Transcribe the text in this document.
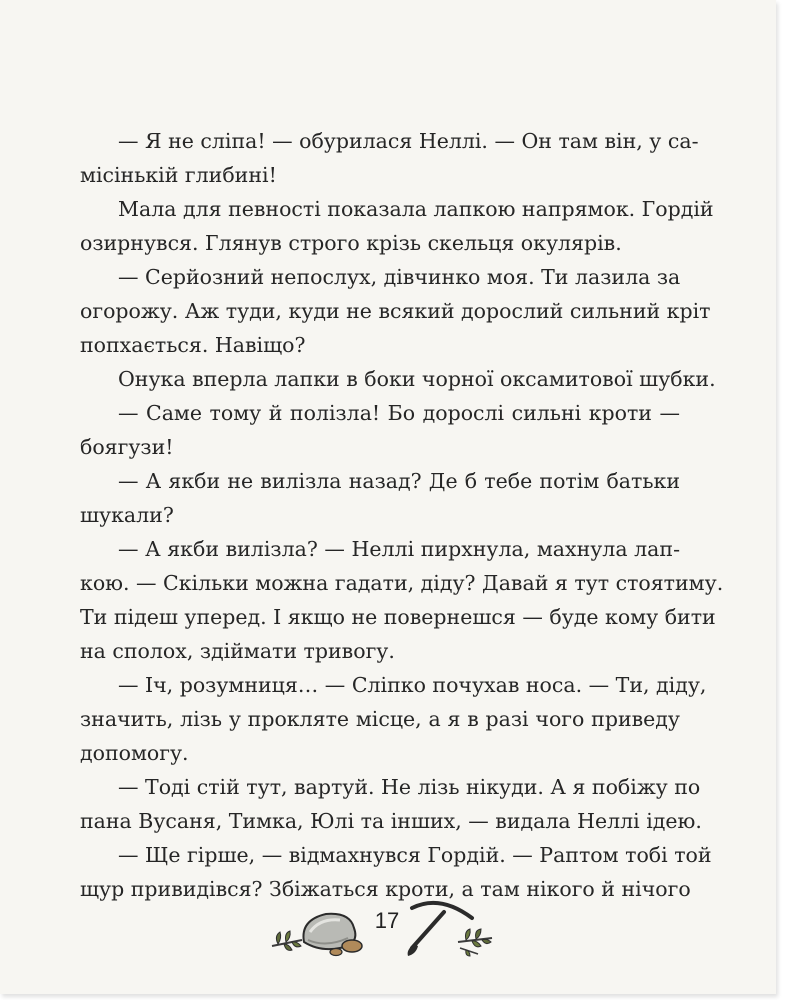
— Я не сліпа! — обурилася Неллі. — Он там він, у са-
місінькій глибині!
Мала для певності показала лапкою напрямок. Гордій
озирнувся. Глянув строго крізь скельця окулярів.
— Серйозний непослух, дівчинко моя. Ти лазила за
огорожу. Аж туди, куди не всякий дорослий сильний кріт
попхається. Навіщо?
Онука вперла лапки в боки чорної оксамитової шубки.
— Саме тому й полізла! Бо дорослі сильні кроти —
боягузи!
— А якби не вилізла назад? Де б тебе потім батьки
шукали?
— А якби вилізла? — Неллі пирхнула, махнула лап-
кою. — Скільки можна гадати, діду? Давай я тут стоятиму.
Ти підеш уперед. І якщо не повернешся — буде кому бити
на сполох, здіймати тривогу.
— Іч, розумниця… — Сліпко почухав носа. — Ти, діду,
значить, лізь у прокляте місце, а я в разі чого приведу
допомогу.
— Тоді стій тут, вартуй. Не лізь нікуди. А я побіжу по
пана Вусаня, Тимка, Юлі та інших, — видала Неллі ідею.
— Ще гірше, — відмахнувся Гордій. — Раптом тобі той
щур привидівся? Збіжаться кроти, а там нікого й нічого
17
